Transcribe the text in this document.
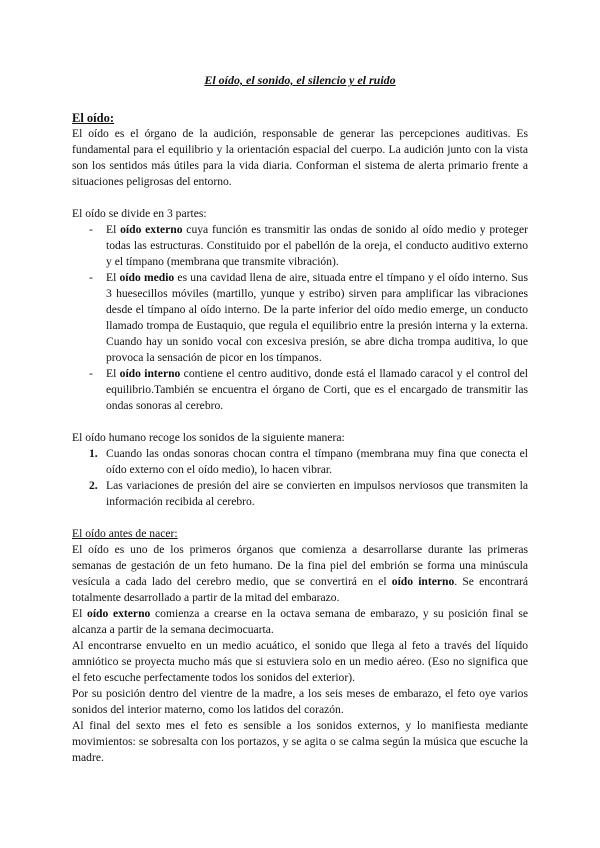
El oído, el sonido, el silencio y el ruido
El oído:

El oído es el órgano de la audición, responsable de generar las percepciones auditivas. Es fundamental para el equilibrio y la orientación espacial del cuerpo. La audición junto con la vista son los sentidos más útiles para la vida diaria. Conforman el sistema de alerta primario frente a situaciones peligrosas del entorno.

El oído se divide en 3 partes:

- El oído externo cuya función es transmitir las ondas de sonido al oído medio y proteger todas las estructuras. Constituido por el pabellón de la oreja, el conducto auditivo externo y el tímpano (membrana que transmite vibración).
- El oído medio es una cavidad llena de aire, situada entre el tímpano y el oído interno. Sus 3 huesecillos móviles (martillo, yunque y estribo) sirven para amplificar las vibraciones desde el tímpano al oído interno. De la parte inferior del oído medio emerge, un conducto llamado trompa de Eustaquio, que regula el equilibrio entre la presión interna y la externa. Cuando hay un sonido vocal con excesiva presión, se abre dicha trompa auditiva, lo que provoca la sensación de picor en los tímpanos.
- El oído interno contiene el centro auditivo, donde está el llamado caracol y el control del equilibrio.También se encuentra el órgano de Corti, que es el encargado de transmitir las ondas sonoras al cerebro.

El oído humano recoge los sonidos de la siguiente manera:

1. Cuando las ondas sonoras chocan contra el tímpano (membrana muy fina que conecta el oído externo con el oído medio), lo hacen vibrar.
2. Las variaciones de presión del aire se convierten en impulsos nerviosos que transmiten la información recibida al cerebro.
El oído antes de nacer:

El oído es uno de los primeros órganos que comienza a desarrollarse durante las primeras semanas de gestación de un feto humano. De la fina piel del embrión se forma una minúscula vesícula a cada lado del cerebro medio, que se convertirá en el oído interno. Se encontrará totalmente desarrollado a partir de la mitad del embarazo.

El oído externo comienza a crearse en la octava semana de embarazo, y su posición final se alcanza a partir de la semana decimocuarta.

Al encontrarse envuelto en un medio acuático, el sonido que llega al feto a través del líquido amniótico se proyecta mucho más que si estuviera solo en un medio aéreo. (Eso no significa que el feto escuche perfectamente todos los sonidos del exterior).

Por su posición dentro del vientre de la madre, a los seis meses de embarazo, el feto oye varios sonidos del interior materno, como los latidos del corazón.

Al final del sexto mes el feto es sensible a los sonidos externos, y lo manifiesta mediante movimientos: se sobresalta con los portazos, y se agita o se calma según la música que escuche la madre.
